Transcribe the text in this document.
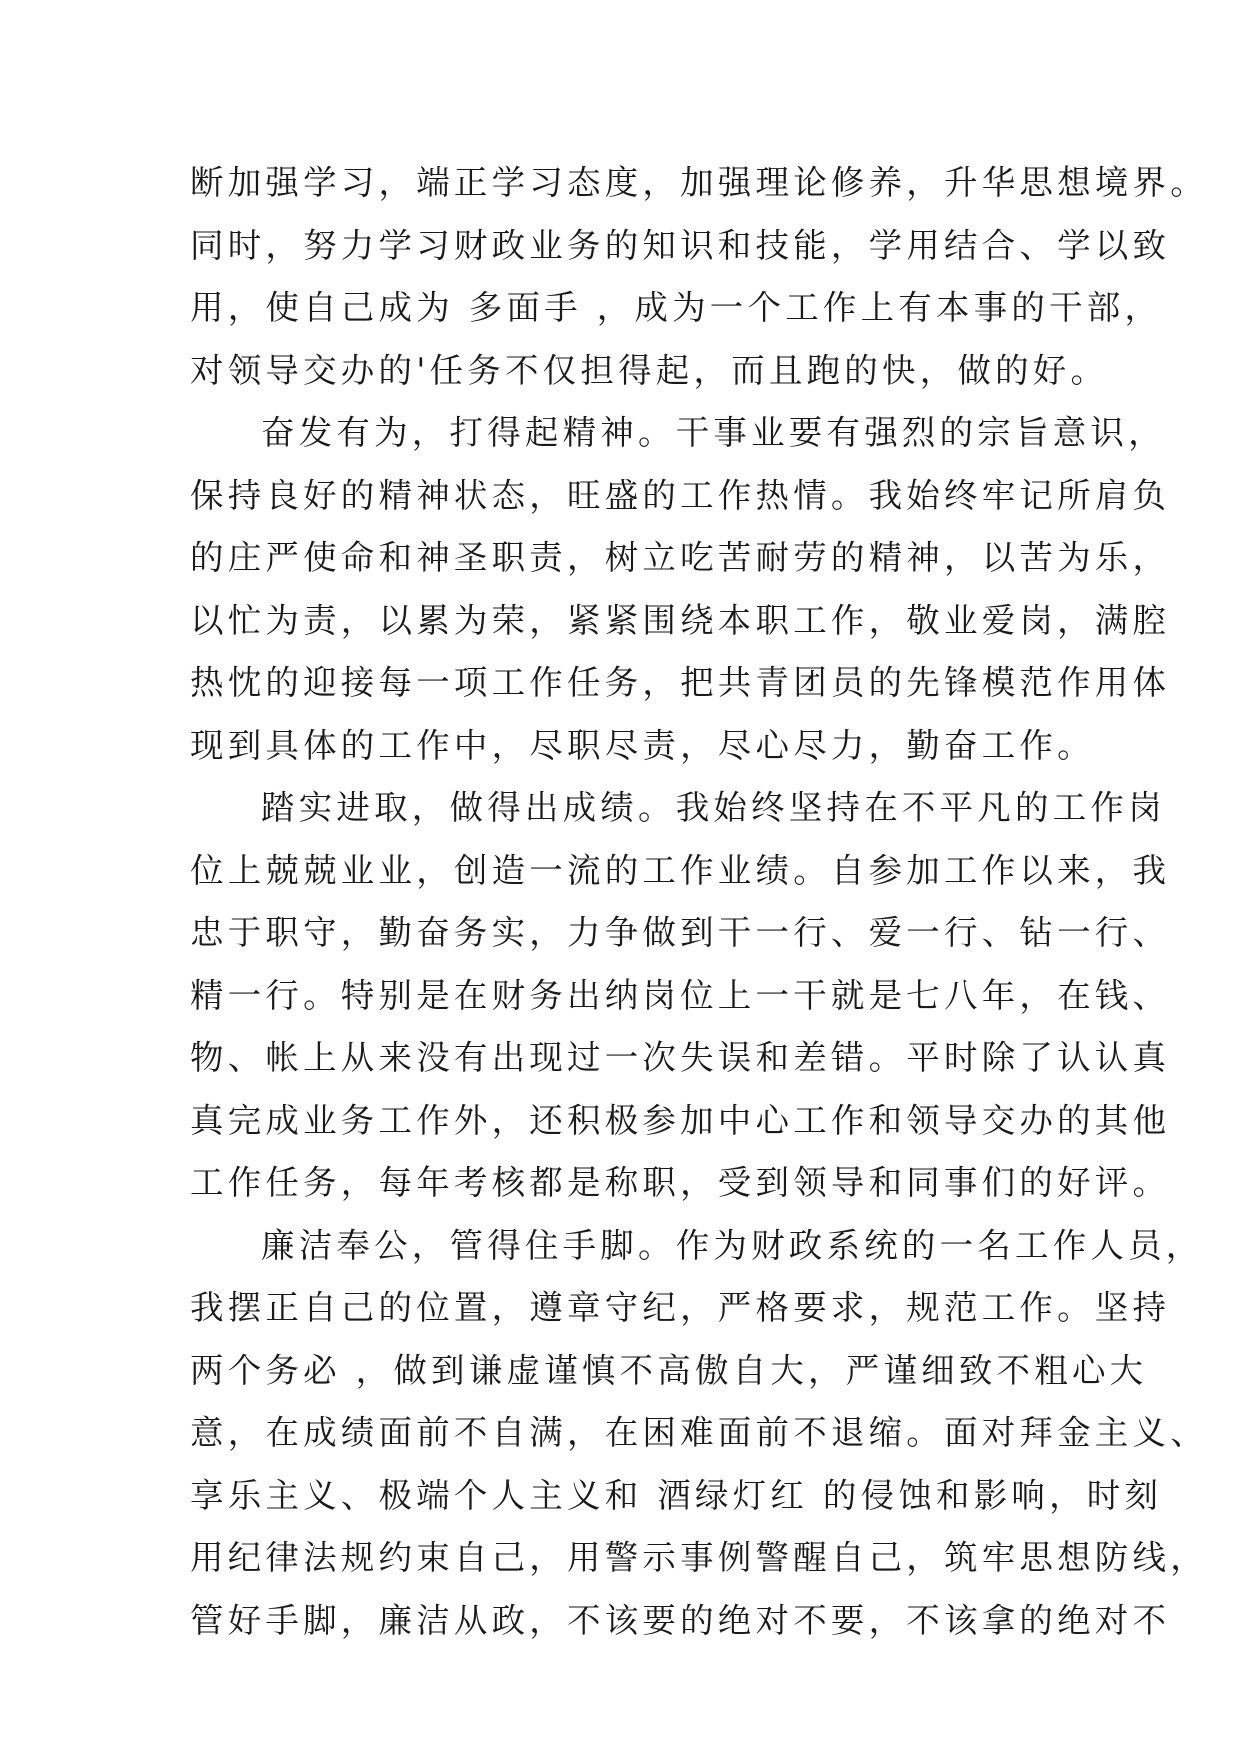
断加强学习，端正学习态度，加强理论修养，升华思想境界。
同时，努力学习财政业务的知识和技能，学用结合、学以致
用，使自己成为 多面手 ，成为一个工作上有本事的干部，
对领导交办的'任务不仅担得起，而且跑的快，做的好。
奋发有为，打得起精神。干事业要有强烈的宗旨意识，
保持良好的精神状态，旺盛的工作热情。我始终牢记所肩负
的庄严使命和神圣职责，树立吃苦耐劳的精神，以苦为乐，
以忙为责，以累为荣，紧紧围绕本职工作，敬业爱岗，满腔
热忱的迎接每一项工作任务，把共青团员的先锋模范作用体
现到具体的工作中，尽职尽责，尽心尽力，勤奋工作。
踏实进取，做得出成绩。我始终坚持在不平凡的工作岗
位上兢兢业业，创造一流的工作业绩。自参加工作以来，我
忠于职守，勤奋务实，力争做到干一行、爱一行、钻一行、
精一行。特别是在财务出纳岗位上一干就是七八年，在钱、
物、帐上从来没有出现过一次失误和差错。平时除了认认真
真完成业务工作外，还积极参加中心工作和领导交办的其他
工作任务，每年考核都是称职，受到领导和同事们的好评。
廉洁奉公，管得住手脚。作为财政系统的一名工作人员，
我摆正自己的位置，遵章守纪，严格要求，规范工作。坚持
两个务必 ，做到谦虚谨慎不高傲自大，严谨细致不粗心大
意，在成绩面前不自满，在困难面前不退缩。面对拜金主义、
享乐主义、极端个人主义和 酒绿灯红 的侵蚀和影响，时刻
用纪律法规约束自己，用警示事例警醒自己，筑牢思想防线，
管好手脚，廉洁从政，不该要的绝对不要，不该拿的绝对不
